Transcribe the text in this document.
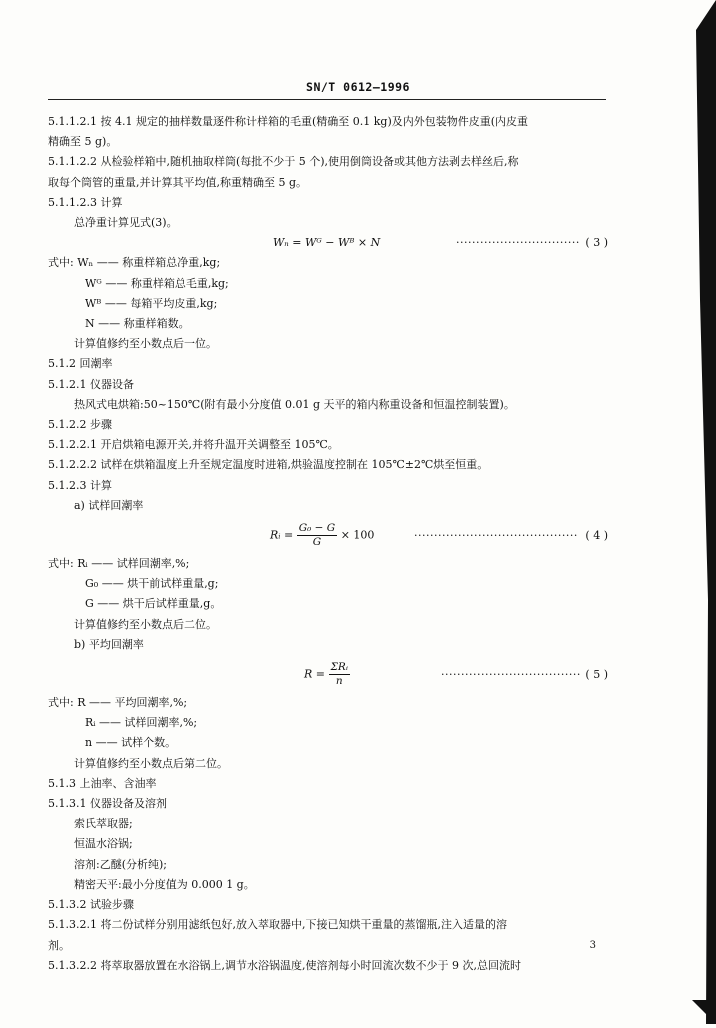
SN/T 0612—1996

5.1.1.2.1 按 4.1 规定的抽样数量逐件称计样箱的毛重(精确至 0.1 kg)及内外包装物件皮重(内皮重

精确至 5 g)。

5.1.1.2.2 从检验样箱中,随机抽取样筒(每批不少于 5 个),使用倒筒设备或其他方法剥去样丝后,称

取每个筒管的重量,并计算其平均值,称重精确至 5 g。

5.1.1.2.3 计算

总净重计算见式(3)。

Wₙ = Wᴳ − Wᴮ × N	······························· ( 3 )

式中: Wₙ —— 称重样箱总净重,kg;

Wᴳ —— 称重样箱总毛重,kg;

Wᴮ —— 每箱平均皮重,kg;

N —— 称重样箱数。

计算值修约至小数点后一位。

5.1.2 回潮率

5.1.2.1 仪器设备

热风式电烘箱:50~150℃(附有最小分度值 0.01 g 天平的箱内称重设备和恒温控制装置)。

5.1.2.2 步骤

5.1.2.2.1 开启烘箱电源开关,并将升温开关调整至 105℃。

5.1.2.2.2 试样在烘箱温度上升至规定温度时进箱,烘验温度控制在 105℃±2℃烘至恒重。

5.1.2.3 计算

a) 试样回潮率

Rᵢ = $\frac{\text{G₀ − G}}{G} \times 100$	········································· ( 4 )

式中: Rᵢ —— 试样回潮率,%;

G₀ —— 烘干前试样重量,g;

G —— 烘干后试样重量,g。

计算值修约至小数点后二位。

b) 平均回潮率

$R = \frac{\text{ΣRᵢ}}{n}$	··································· ( 5 )

式中: R —— 平均回潮率,%;

Rᵢ —— 试样回潮率,%;

n —— 试样个数。

计算值修约至小数点后第二位。

5.1.3 上油率、含油率

5.1.3.1 仪器设备及溶剂

索氏萃取器;

恒温水浴锅;

溶剂:乙醚(分析纯);

精密天平:最小分度值为 0.000 1 g。

5.1.3.2 试验步骤

5.1.3.2.1 将二份试样分别用滤纸包好,放入萃取器中,下接已知烘干重量的蒸馏瓶,注入适量的溶

剂。

5.1.3.2.2 将萃取器放置在水浴锅上,调节水浴锅温度,使溶剂每小时回流次数不少于 9 次,总回流时

3
